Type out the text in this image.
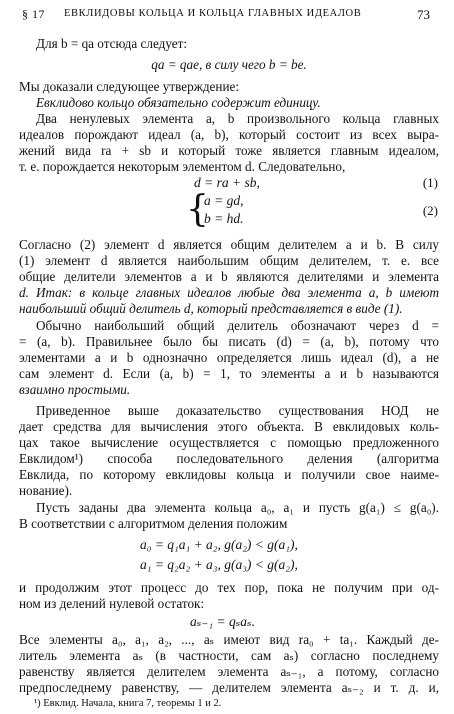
§ 17 ЕВКЛИДОВЫ КОЛЬЦА И КОЛЬЦА ГЛАВНЫХ ИДЕАЛОВ	73
Для b = qa отсюда следует:
qa = qae, в силу чего b = be.
Мы доказали следующее утверждение:
Евклидово кольцо обязательно содержит единицу.
Два ненулевых элемента a, b произвольного кольца главных
идеалов порождают идеал (a, b), который состоит из всех выра-
жений вида ra + sb и который тоже является главным идеалом,
т. е. порождается некоторым элементом d. Следовательно,
d = ra + sb,	(1)
{
a = gd,
b = hd.
(2)
Согласно (2) элемент d является общим делителем a и b. В силу
(1) элемент d является наибольшим общим делителем, т. е. все
общие делители элементов a и b являются делителями и элемента
d. Итак: в кольце главных идеалов любые два элемента a, b имеют
наибольший общий делитель d, который представляется в виде (1).
Обычно наибольший общий делитель обозначают через d =
= (a, b). Правильнее было бы писать (d) = (a, b), потому что
элементами a и b однозначно определяется лишь идеал (d), а не
сам элемент d. Если (a, b) = 1, то элементы a и b называются
взаимно простыми.
Приведенное выше доказательство существования НОД не
дает средства для вычисления этого объекта. В евклидовых коль-
цах такое вычисление осуществляется с помощью предложенного
Евклидом¹) способа последовательного деления (алгоритма
Евклида, по которому евклидовы кольца и получили свое наиме-
нование).
Пусть заданы два элемента кольца a₀, a₁ и пусть g(a₁) ≤ g(a₀).
В соответствии с алгоритмом деления положим
a₀ = q₁a₁ + a₂, g(a₂) < g(a₁),
a₁ = q₂a₂ + a₃, g(a₃) < g(a₂),
и продолжим этот процесс до тех пор, пока не получим при од-
ном из делений нулевой остаток:
aₛ₋₁ = qₛaₛ.
Все элементы a₀, a₁, a₂, ..., aₛ имеют вид ra₀ + ta₁. Каждый де-
литель элемента aₛ (в частности, сам aₛ) согласно последнему
равенству является делителем элемента aₛ₋₁, а потому, согласно
предпоследнему равенству, — делителем элемента aₛ₋₂ и т. д. и,
¹) Евклид. Начала, книга 7, теоремы 1 и 2.
